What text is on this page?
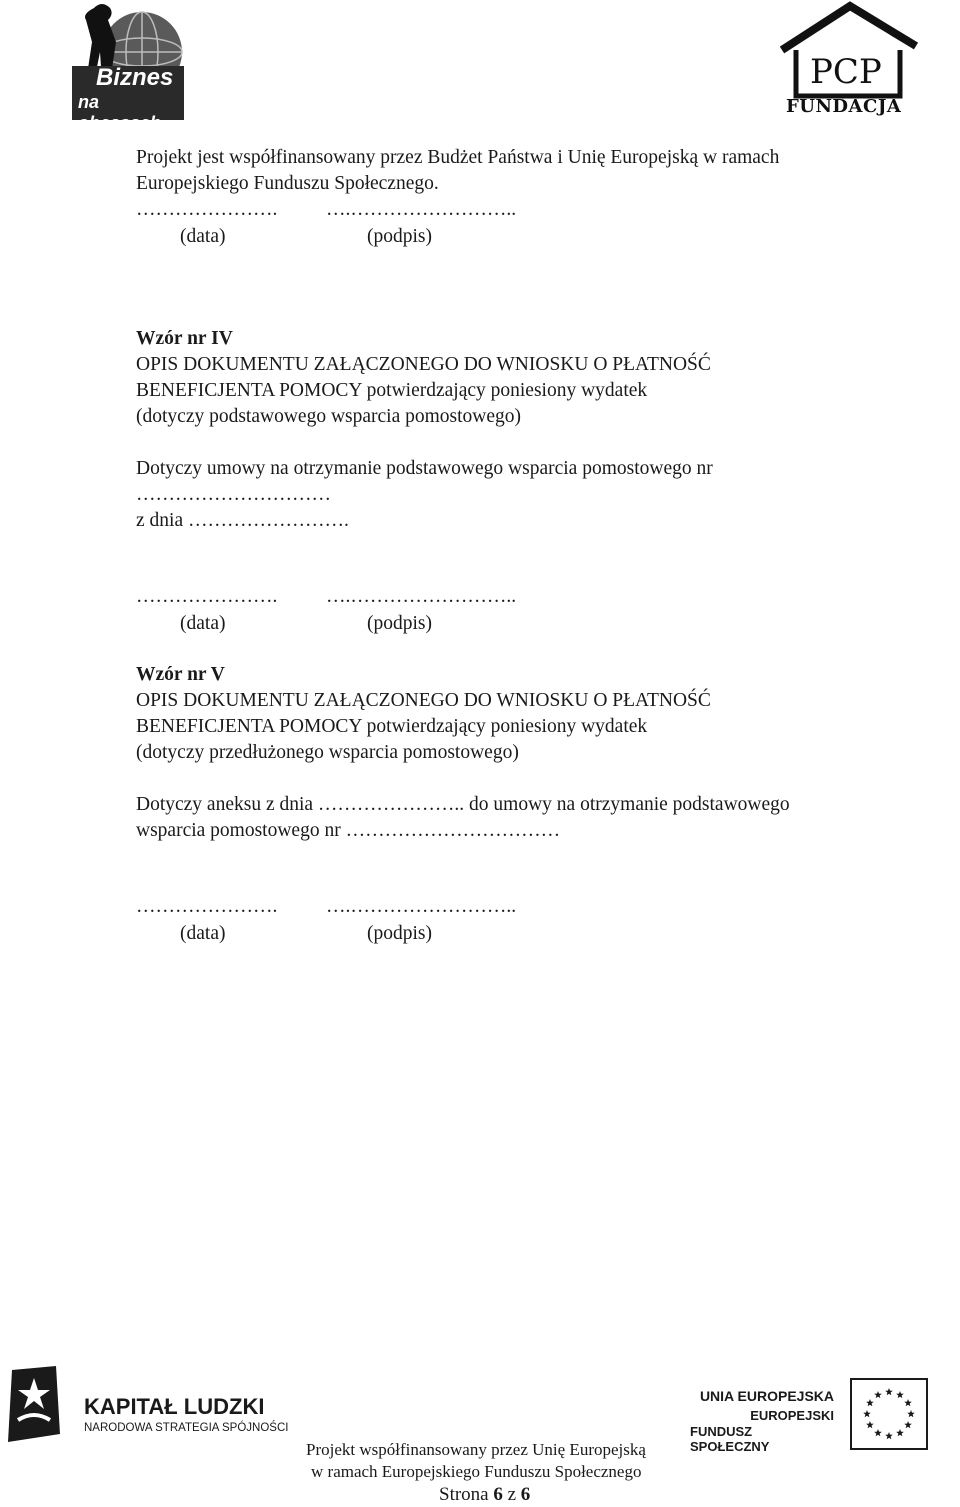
Biznes
na obcasach
PCP
FUNDACJA
Projekt jest współfinansowany przez Budżet Państwa i Unię Europejską w ramach
Europejskiego Funduszu Społecznego.
…………………. ….……………………..
(data)	(podpis)
Wzór nr IV
OPIS DOKUMENTU ZAŁĄCZONEGO DO WNIOSKU O PŁATNOŚĆ
BENEFICJENTA POMOCY potwierdzający poniesiony wydatek
(dotyczy podstawowego wsparcia pomostowego)
Dotyczy umowy na otrzymanie podstawowego wsparcia pomostowego nr
…………………………
z dnia …………………….
…………………. ….……………………..
(data)	(podpis)
Wzór nr V
OPIS DOKUMENTU ZAŁĄCZONEGO DO WNIOSKU O PŁATNOŚĆ
BENEFICJENTA POMOCY potwierdzający poniesiony wydatek
(dotyczy przedłużonego wsparcia pomostowego)
Dotyczy aneksu z dnia ………………….. do umowy na otrzymanie podstawowego
wsparcia pomostowego nr ……………………………
…………………. ….……………………..
(data)	(podpis)
KAPITAŁ LUDZKI
NARODOWA STRATEGIA SPÓJNOŚCI
UNIA EUROPEJSKA
EUROPEJSKI
FUNDUSZ SPOŁECZNY
Projekt współfinansowany przez Unię Europejską
w ramach Europejskiego Funduszu Społecznego
Strona 6 z 6
